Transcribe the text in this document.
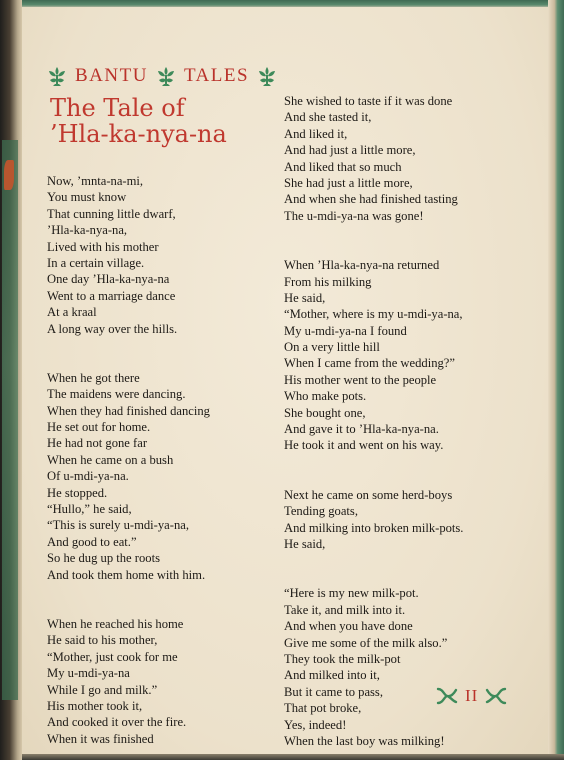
BANTU TALES
The Tale of
’Hla-ka-nya-na
Now, ’mnta-na-mi,
You must know
That cunning little dwarf,
’Hla-ka-nya-na,
Lived with his mother
In a certain village.
One day ’Hla-ka-nya-na
Went to a marriage dance
At a kraal
A long way over the hills.
When he got there
The maidens were dancing.
When they had finished dancing
He set out for home.
He had not gone far
When he came on a bush
Of u-mdi-ya-na.
He stopped.
“Hullo,” he said,
“This is surely u-mdi-ya-na,
And good to eat.”
So he dug up the roots
And took them home with him.
When he reached his home
He said to his mother,
“Mother, just cook for me
My u-mdi-ya-na
While I go and milk.”
His mother took it,
And cooked it over the fire.
When it was finished
She wished to taste if it was done
And she tasted it,
And liked it,
And had just a little more,
And liked that so much
She had just a little more,
And when she had finished tasting
The u-mdi-ya-na was gone!
When ’Hla-ka-nya-na returned
From his milking
He said,
“Mother, where is my u-mdi-ya-na,
My u-mdi-ya-na I found
On a very little hill
When I came from the wedding?”
His mother went to the people
Who make pots.
She bought one,
And gave it to ’Hla-ka-nya-na.
He took it and went on his way.
Next he came on some herd-boys
Tending goats,
And milking into broken milk-pots.
He said,
“Here is my new milk-pot.
Take it, and milk into it.
And when you have done
Give me some of the milk also.”
They took the milk-pot
And milked into it,
But it came to pass,
That pot broke,
Yes, indeed!
When the last boy was milking!
II
